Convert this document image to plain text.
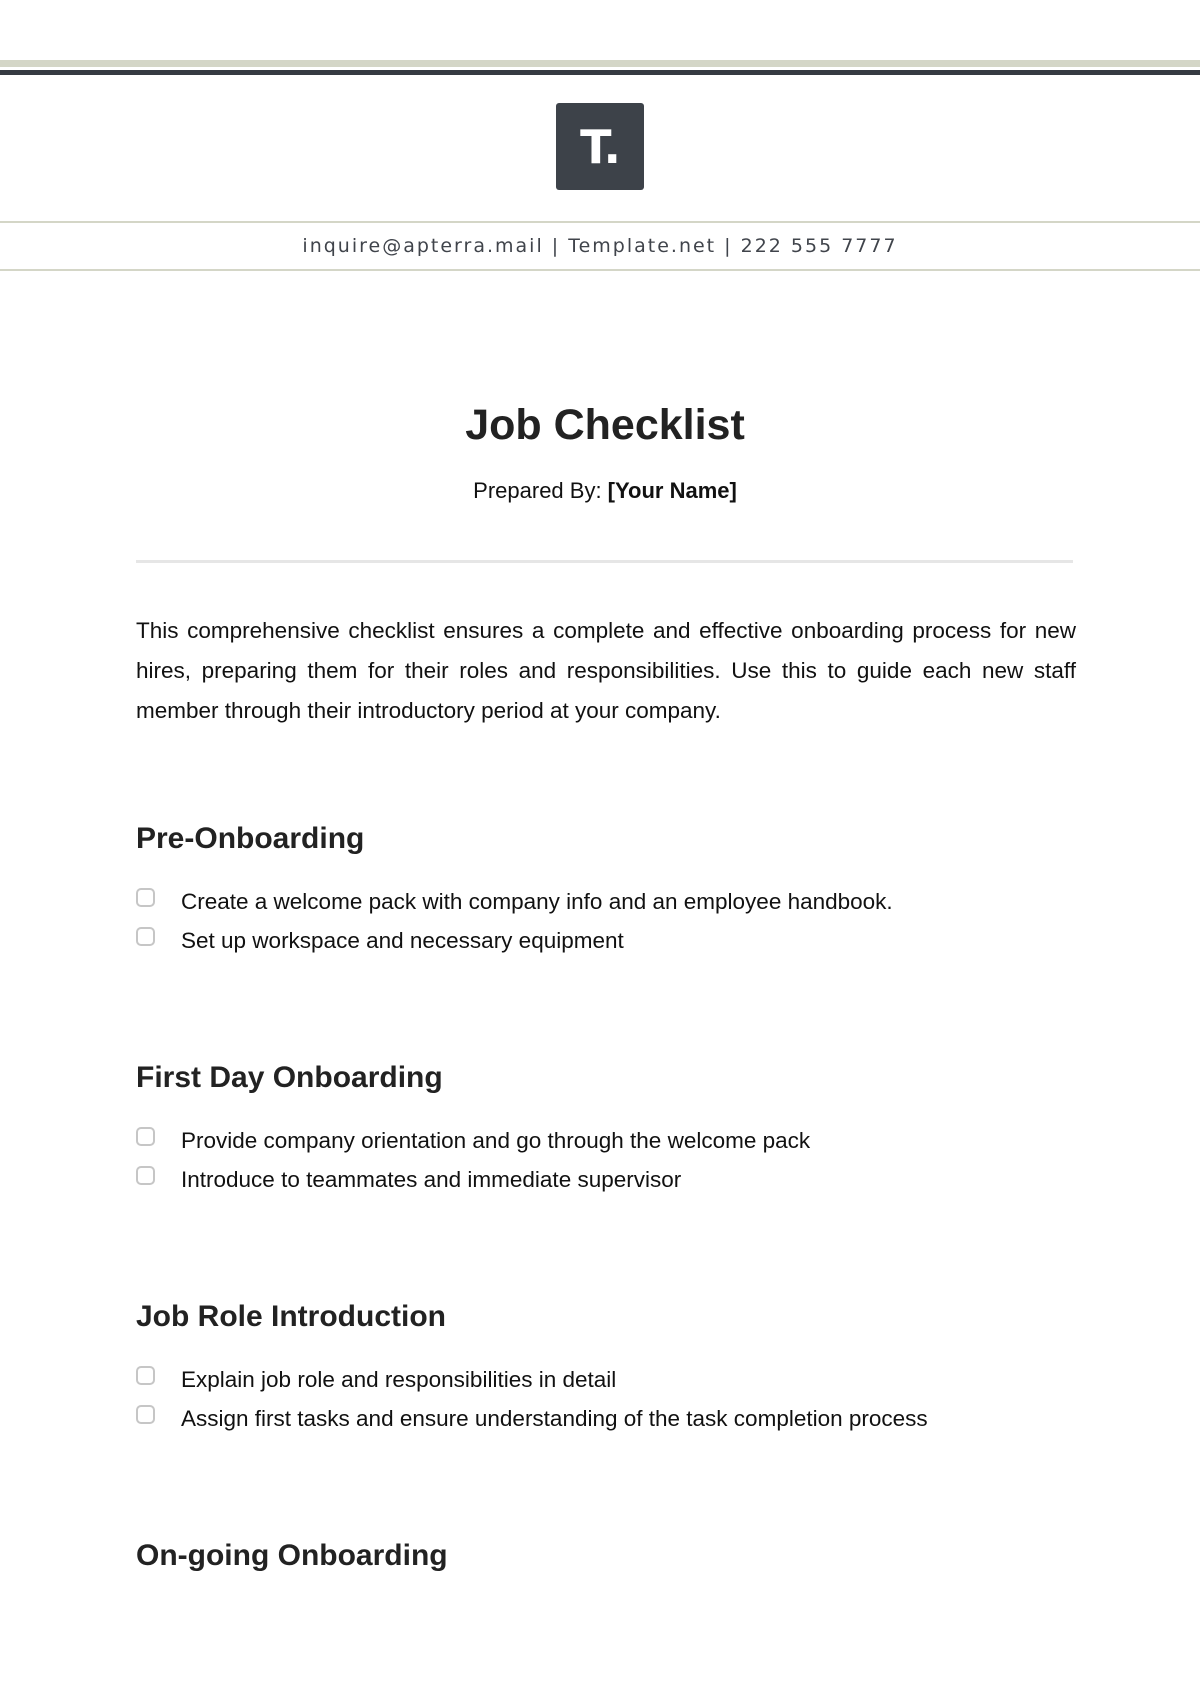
T.
inquire@apterra.mail | Template.net | 222 555 7777
Job Checklist
Prepared By: [Your Name]

This comprehensive checklist ensures a complete and effective onboarding process for new hires, preparing them for their roles and responsibilities. Use this to guide each new staff member through their introductory period at your company.

Pre-Onboarding
Create a welcome pack with company info and an employee handbook.
Set up workspace and necessary equipment
First Day Onboarding
Provide company orientation and go through the welcome pack
Introduce to teammates and immediate supervisor
Job Role Introduction
Explain job role and responsibilities in detail
Assign first tasks and ensure understanding of the task completion process
On-going Onboarding
